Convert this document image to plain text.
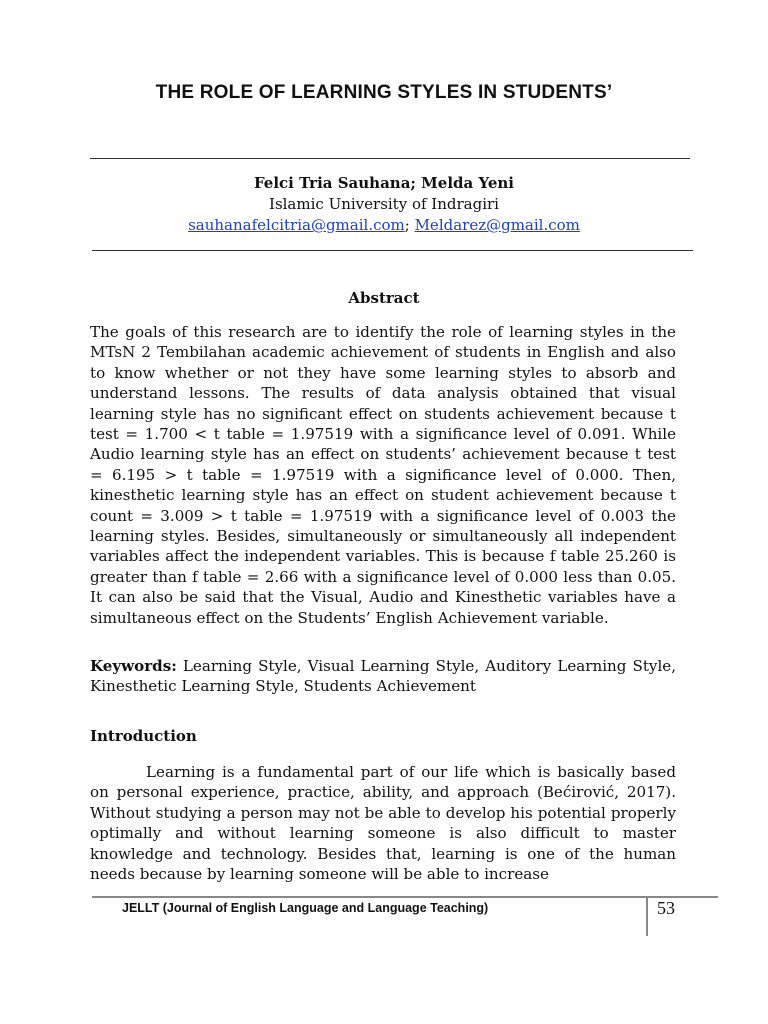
THE ROLE OF LEARNING STYLES IN STUDENTS’
Felci Tria Sauhana; Melda Yeni
Islamic University of Indragiri
sauhanafelcitria@gmail.com; Meldarez@gmail.com
Abstract

The goals of this research are to identify the role of learning styles in the MTsN 2 Tembilahan academic achievement of students in English and also to know whether or not they have some learning styles to absorb and understand lessons. The results of data analysis obtained that visual learning style has no significant effect on students achievement because t test = 1.700 < t table = 1.97519 with a significance level of 0.091. While Audio learning style has an effect on students’ achievement because t test = 6.195 > t table = 1.97519 with a significance level of 0.000. Then, kinesthetic learning style has an effect on student achievement because t count = 3.009 > t table = 1.97519 with a significance level of 0.003 the learning styles. Besides, simultaneously or simultaneously all independent variables affect the independent variables. This is because f table 25.260 is greater than f table = 2.66 with a significance level of 0.000 less than 0.05. It can also be said that the Visual, Audio and Kinesthetic variables have a simultaneous effect on the Students’ English Achievement variable.

Keywords: Learning Style, Visual Learning Style, Auditory Learning Style, Kinesthetic Learning Style, Students Achievement

Introduction

Learning is a fundamental part of our life which is basically based on personal experience, practice, ability, and approach (Bećirović, 2017). Without studying a person may not be able to develop his potential properly optimally and without learning someone is also difficult to master knowledge and technology. Besides that, learning is one of the human needs because by learning someone will be able to increase

JELLT (Journal of English Language and Language Teaching)	53
